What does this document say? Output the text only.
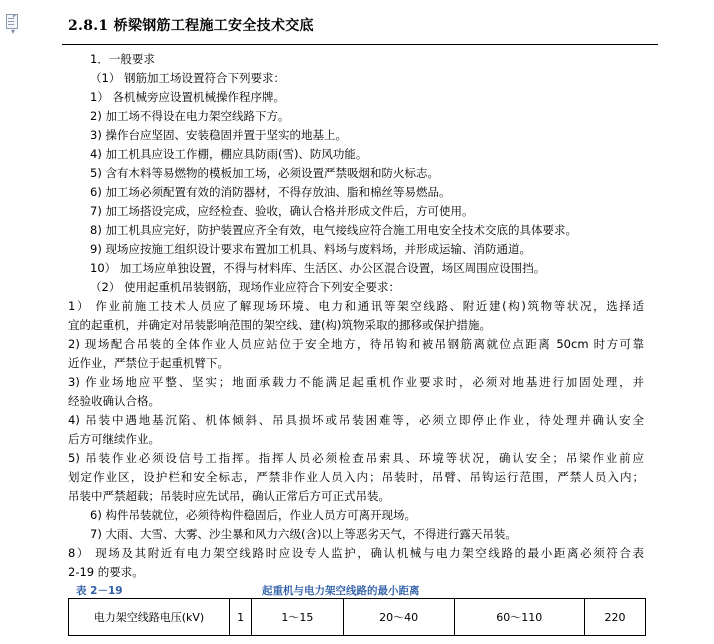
▾	2.8.1 桥梁钢筋工程施工安全技术交底
1．一般要求
（1） 钢筋加工场设置符合下列要求：
1） 各机械旁应设置机械操作程序牌。
2) 加工场不得设在电力架空线路下方。
3) 操作台应坚固、安装稳固并置于坚实的地基上。
4) 加工机具应设工作棚，棚应具防雨(雪)、防风功能。
5) 含有木料等易燃物的模板加工场，必须设置严禁吸烟和防火标志。
6) 加工场必须配置有效的消防器材，不得存放油、脂和棉丝等易燃品。
7) 加工场搭设完成，应经检查、验收，确认合格并形成文件后，方可使用。
8) 加工机具应完好，防护装置应齐全有效，电气接线应符合施工用电安全技术交底的具体要求。
9) 现场应按施工组织设计要求布置加工机具、料场与废料场，并形成运输、消防通道。
10） 加工场应单独设置，不得与材料库、生活区、办公区混合设置，场区周围应设围挡。
（2） 使用起重机吊装钢筋，现场作业应符合下列安全要求：
1） 作业前施工技术人员应了解现场环境、电力和通讯等架空线路、附近建(构)筑物等状况，选择适
宜的起重机，并确定对吊装影响范围的架空线、建(构)筑物采取的挪移或保护措施。
2) 现场配合吊装的全体作业人员应站位于安全地方，待吊钩和被吊钢筋离就位点距离 50cm 时方可靠
近作业，严禁位于起重机臂下。
3) 作业场地应平整、坚实；地面承载力不能满足起重机作业要求时，必须对地基进行加固处理，并
经验收确认合格。
4) 吊装中遇地基沉陷、机体倾斜、吊具损坏或吊装困难等，必须立即停止作业，待处理并确认安全
后方可继续作业。
5) 吊装作业必须设信号工指挥。指挥人员必须检查吊索具、环境等状况，确认安全；吊梁作业前应
划定作业区，设护栏和安全标志，严禁非作业人员入内；吊装时，吊臂、吊钩运行范围，严禁人员入内；
吊装中严禁超载；吊装时应先试吊，确认正常后方可正式吊装。
6) 构件吊装就位，必须待构件稳固后，作业人员方可离开现场。
7) 大雨、大雪、大雾、沙尘暴和风力六级(含)以上等恶劣天气，不得进行露天吊装。
8） 现场及其附近有电力架空线路时应设专人监护，确认机械与电力架空线路的最小距离必须符合表
2-19 的要求。
表 2－19	起重机与电力架空线路的最小距离
电力架空线路电压(kV)	1	1～15	20～40	60～110	220
